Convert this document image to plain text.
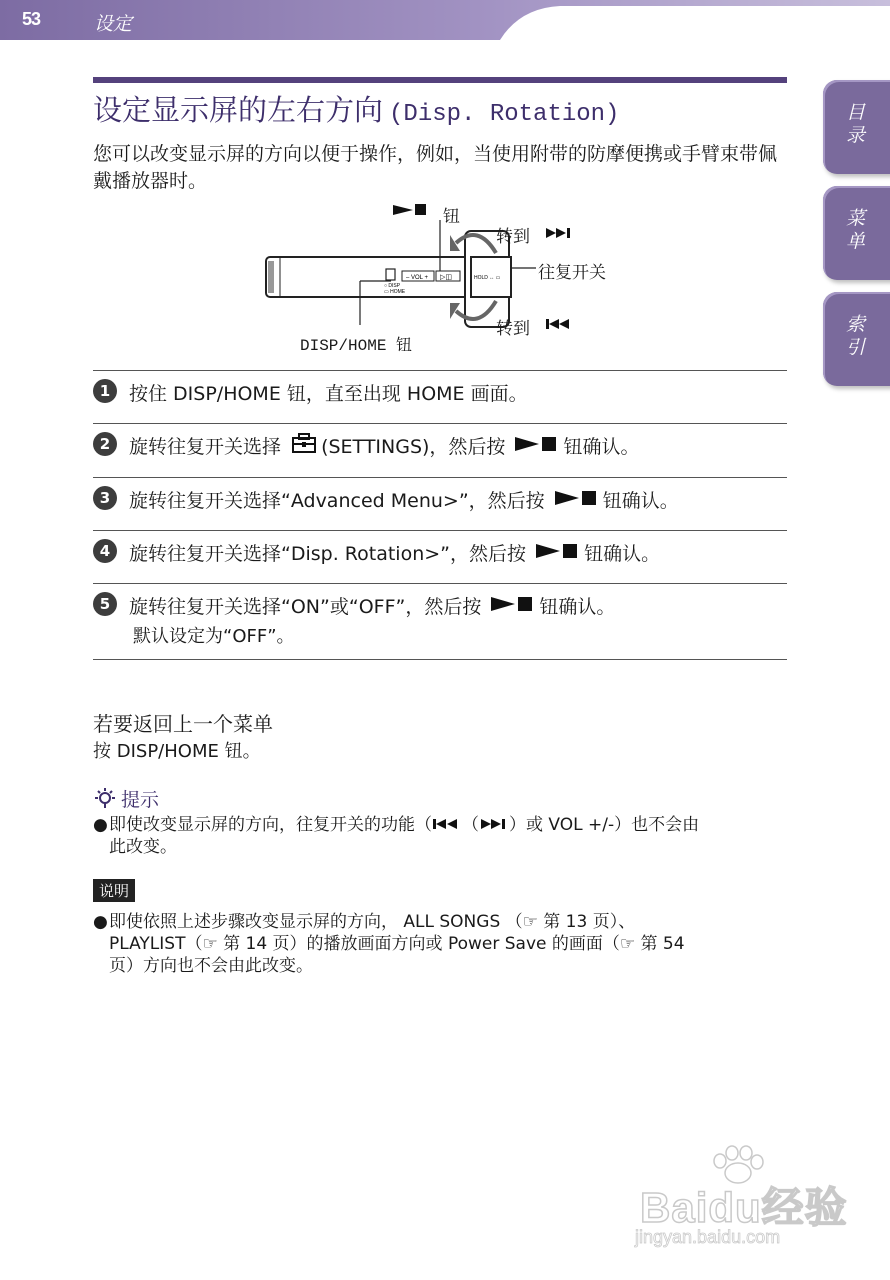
53	设定
目录
菜单
索引
设定显示屏的左右方向 (Disp. Rotation)
您可以改变显示屏的方向以便于操作，例如，当使用附带的防摩便携或手臂束带佩戴播放器时。
○ DISP
▭ HOME
– VOL + ▷◫	HOLD ↔ ▭
钮
转到
往复开关
转到
DISP/HOME 钮
1 按住 DISP/HOME 钮，直至出现 HOME 画面。
2 旋转往复开关选择 (SETTINGS)，然后按	钮确认。
3 旋转往复开关选择“Advanced Menu>”，然后按	钮确认。
4 旋转往复开关选择“Disp. Rotation>”，然后按	钮确认。
5 旋转往复开关选择“ON”或“OFF”，然后按	钮确认。
默认设定为“OFF”。
若要返回上一个菜单
按 DISP/HOME 钮。
提示
●即使改变显示屏的方向，往复开关的功能（ （ ）或 VOL +/-）也不会由
此改变。
说明
●即使依照上述步骤改变显示屏的方向， ALL SONGS （☞ 第 13 页）、
PLAYLIST（☞ 第 14 页）的播放画面方向或 Power Save 的画面（☞ 第 54
页）方向也不会由此改变。
Baidu经验
jingyan.baidu.com
